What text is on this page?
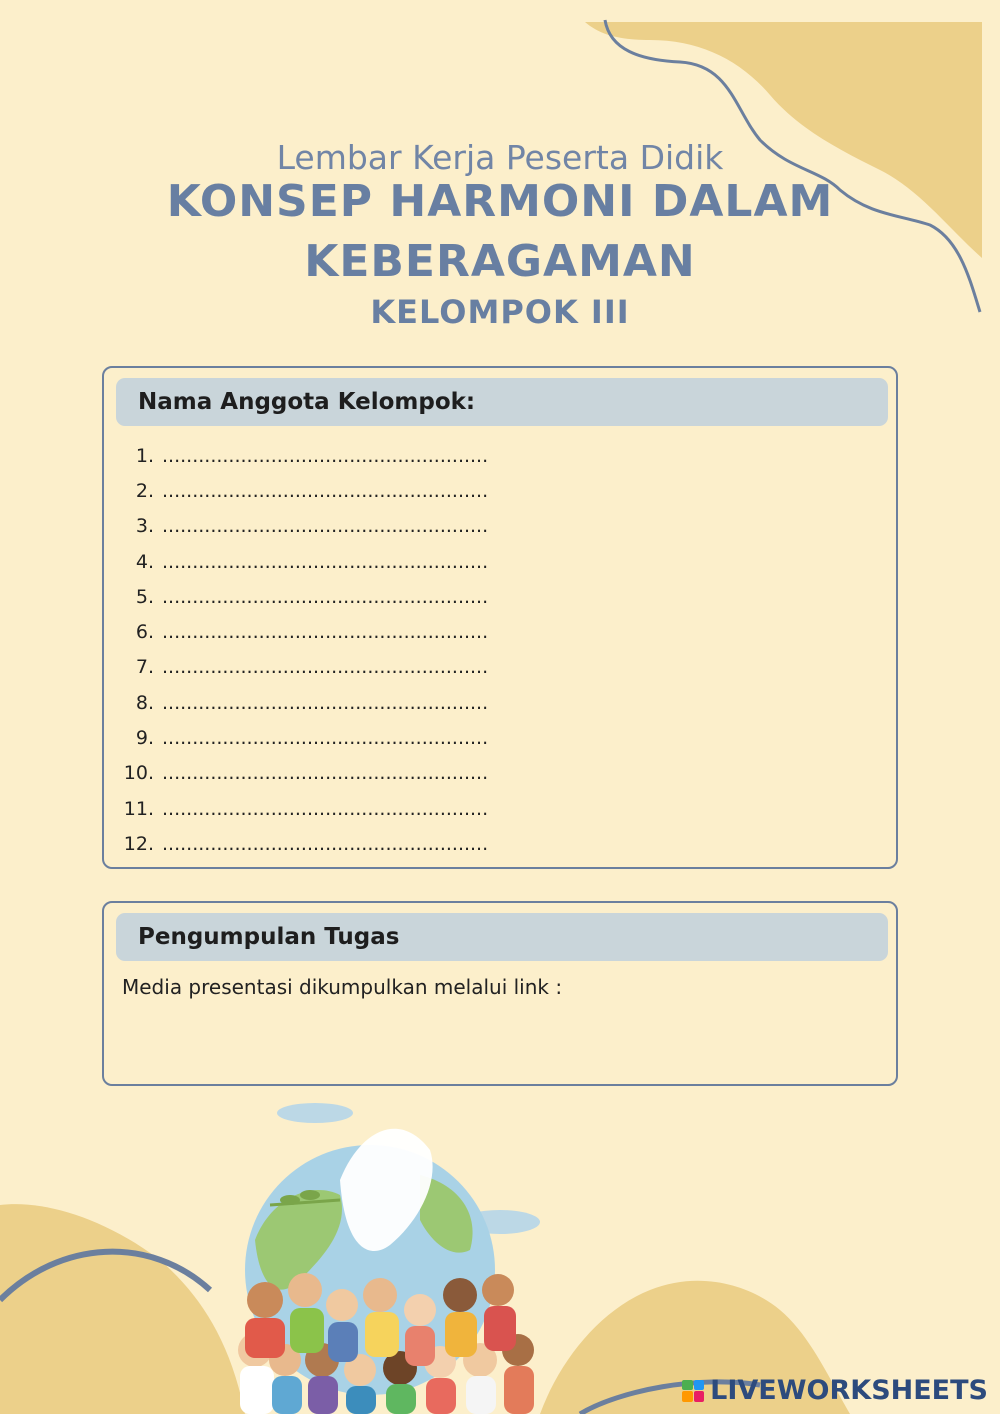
Lembar Kerja Peserta Didik
KONSEP HARMONI DALAM
KEBERAGAMAN
KELOMPOK III
Nama Anggota Kelompok:
1. ......................................................
2. ......................................................
3. ......................................................
4. ......................................................
5. ......................................................
6. ......................................................
7. ......................................................
8. ......................................................
9. ......................................................
10. ......................................................
11. ......................................................
12. ......................................................
Pengumpulan Tugas
Media presentasi dikumpulkan melalui link :
LIVEWORKSHEETS
